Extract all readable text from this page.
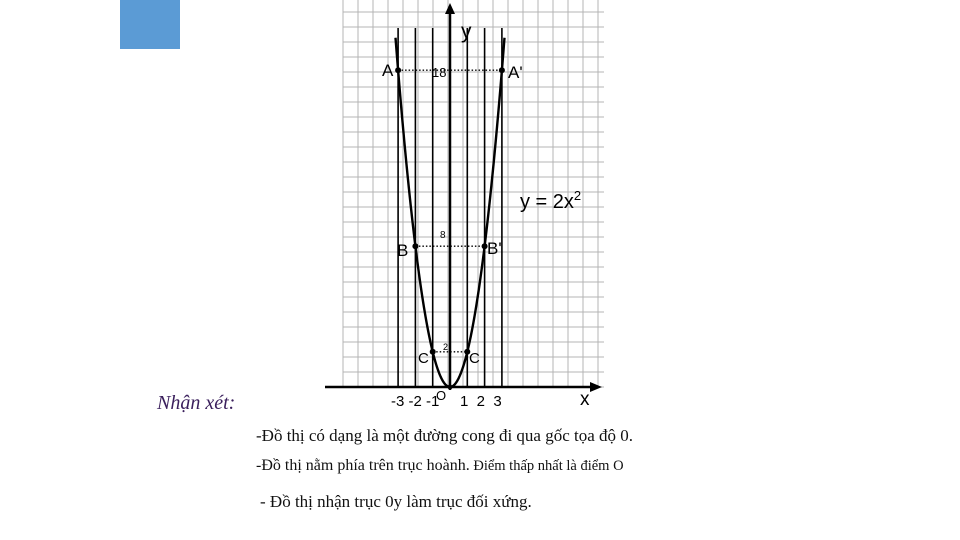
y
x
$y = 2x^2$
18
8
2
A	A'
B	B'
C	C
O
-3 -2 -1 1  2  3
Nhận xét:
-Đồ thị có dạng là một đường cong đi qua gốc tọa độ 0.
-Đồ thị nằm phía trên trục hoành. Điểm thấp nhất là điểm O
- Đồ thị nhận trục 0y làm trục đối xứng.
